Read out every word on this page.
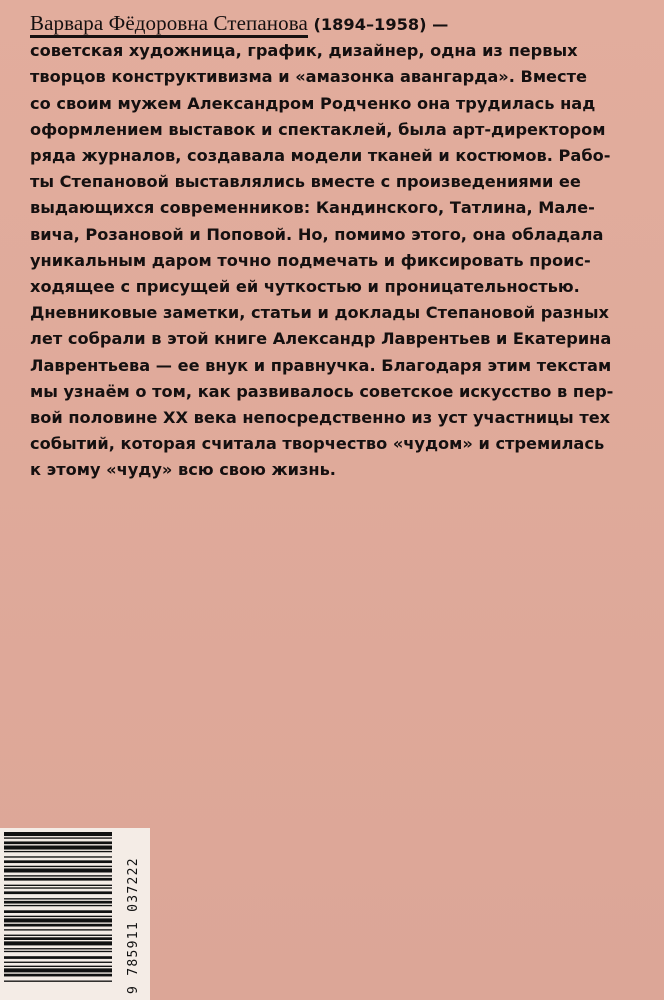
Варвара Фёдоровна Степанова (1894–1958) —
советская художница, график, дизайнер, одна из первых
творцов конструктивизма и «амазонка авангарда». Вместе
со своим мужем Александром Родченко она трудилась над
оформлением выставок и спектаклей, была арт-директором
ряда журналов, создавала модели тканей и костюмов. Рабо-
ты Степановой выставлялись вместе с произведениями ее
выдающихся современников: Кандинского, Татлина, Мале-
вича, Розановой и Поповой. Но, помимо этого, она обладала
уникальным даром точно подмечать и фиксировать проис-
ходящее с присущей ей чуткостью и проницательностью.
Дневниковые заметки, статьи и доклады Степановой разных
лет собрали в этой книге Александр Лаврентьев и Екатерина
Лаврентьева — ее внук и правнучка. Благодаря этим текстам
мы узнаём о том, как развивалось советское искусство в пер-
вой половине XX века непосредственно из уст участницы тех
событий, которая считала творчество «чудом» и стремилась
к этому «чуду» всю свою жизнь.
9 785911 037222
